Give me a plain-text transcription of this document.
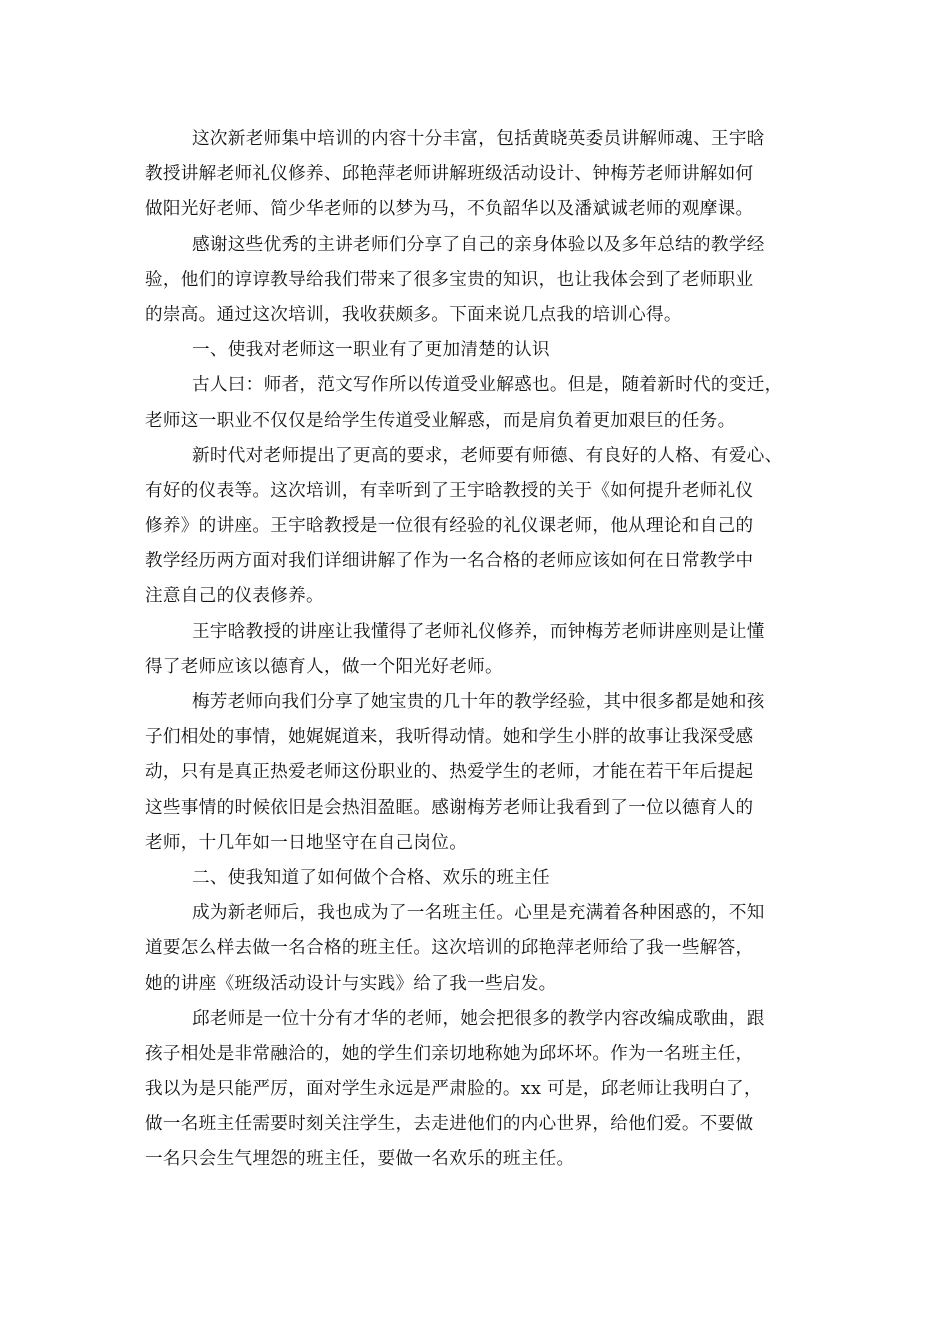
这次新老师集中培训的内容十分丰富，包括黄晓英委员讲解师魂、王宇晗
教授讲解老师礼仪修养、邱艳萍老师讲解班级活动设计、钟梅芳老师讲解如何
做阳光好老师、简少华老师的以梦为马，不负韶华以及潘斌诚老师的观摩课。
感谢这些优秀的主讲老师们分享了自己的亲身体验以及多年总结的教学经
验，他们的谆谆教导给我们带来了很多宝贵的知识，也让我体会到了老师职业
的崇高。通过这次培训，我收获颇多。下面来说几点我的培训心得。
一、使我对老师这一职业有了更加清楚的认识
古人曰：师者，范文写作所以传道受业解惑也。但是，随着新时代的变迁，
老师这一职业不仅仅是给学生传道受业解惑，而是肩负着更加艰巨的任务。
新时代对老师提出了更高的要求，老师要有师德、有良好的人格、有爱心、
有好的仪表等。这次培训，有幸听到了王宇晗教授的关于《如何提升老师礼仪
修养》的讲座。王宇晗教授是一位很有经验的礼仪课老师，他从理论和自己的
教学经历两方面对我们详细讲解了作为一名合格的老师应该如何在日常教学中
注意自己的仪表修养。
王宇晗教授的讲座让我懂得了老师礼仪修养，而钟梅芳老师讲座则是让懂
得了老师应该以德育人，做一个阳光好老师。
梅芳老师向我们分享了她宝贵的几十年的教学经验，其中很多都是她和孩
子们相处的事情，她娓娓道来，我听得动情。她和学生小胖的故事让我深受感
动，只有是真正热爱老师这份职业的、热爱学生的老师，才能在若干年后提起
这些事情的时候依旧是会热泪盈眶。感谢梅芳老师让我看到了一位以德育人的
老师，十几年如一日地坚守在自己岗位。
二、使我知道了如何做个合格、欢乐的班主任
成为新老师后，我也成为了一名班主任。心里是充满着各种困惑的，不知
道要怎么样去做一名合格的班主任。这次培训的邱艳萍老师给了我一些解答，
她的讲座《班级活动设计与实践》给了我一些启发。
邱老师是一位十分有才华的老师，她会把很多的教学内容改编成歌曲，跟
孩子相处是非常融洽的，她的学生们亲切地称她为邱坏坏。作为一名班主任，
我以为是只能严厉，面对学生永远是严肃脸的。xx 可是，邱老师让我明白了，
做一名班主任需要时刻关注学生，去走进他们的内心世界，给他们爱。不要做
一名只会生气埋怨的班主任，要做一名欢乐的班主任。
